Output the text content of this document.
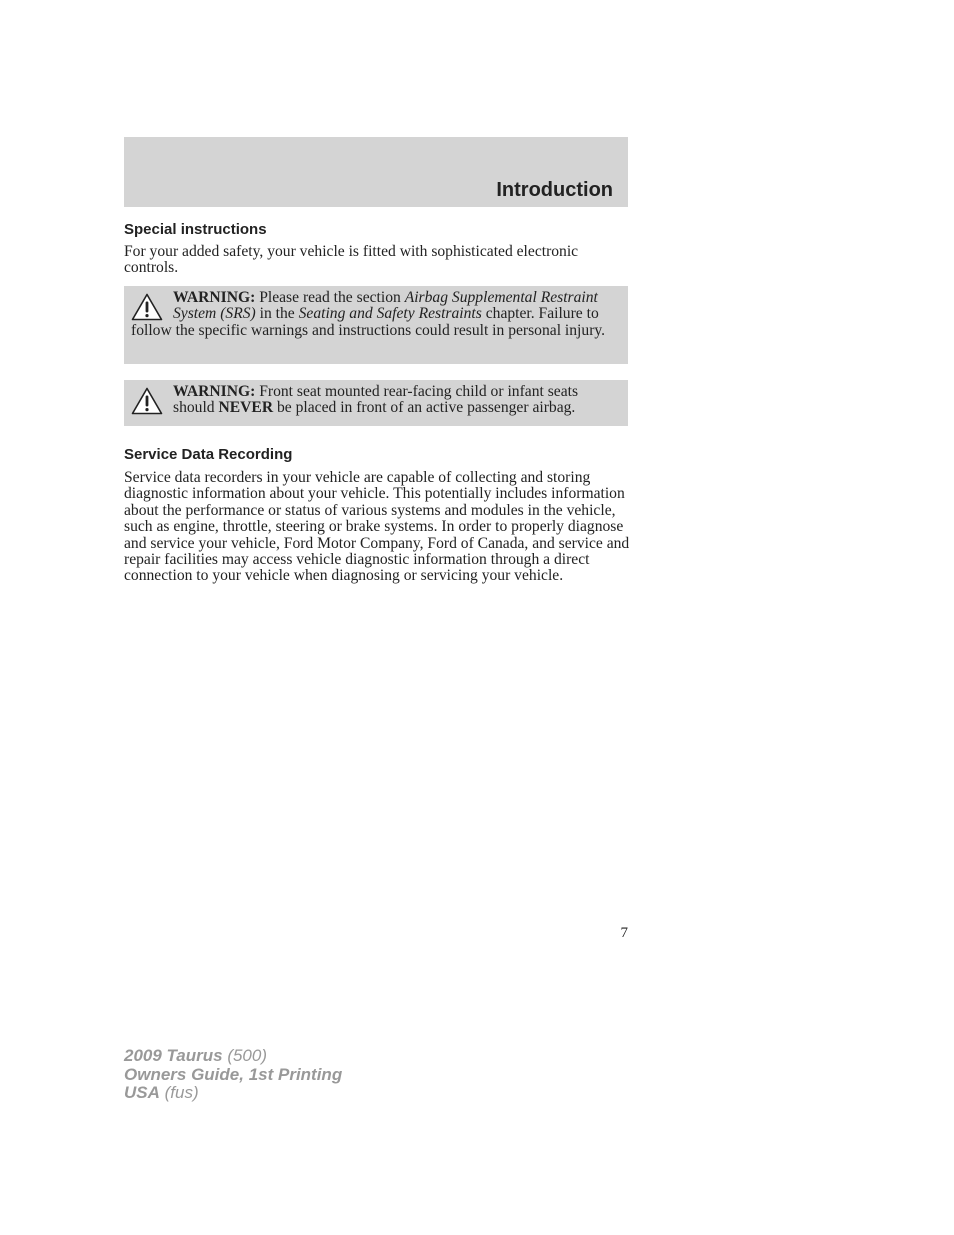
Introduction
Special instructions

For your added safety, your vehicle is fitted with sophisticated electronic controls.

WARNING: Please read the section Airbag Supplemental Restraint System (SRS) in the Seating and Safety Restraints chapter. Failure to follow the specific warnings and instructions could result in personal injury.

WARNING: Front seat mounted rear-facing child or infant seats should NEVER be placed in front of an active passenger airbag.

Service Data Recording

Service data recorders in your vehicle are capable of collecting and storing diagnostic information about your vehicle. This potentially includes information about the performance or status of various systems and modules in the vehicle, such as engine, throttle, steering or brake systems. In order to properly diagnose and service your vehicle, Ford Motor Company, Ford of Canada, and service and repair facilities may access vehicle diagnostic information through a direct connection to your vehicle when diagnosing or servicing your vehicle.

7

2009 Taurus (500)
Owners Guide, 1st Printing
USA (fus)
